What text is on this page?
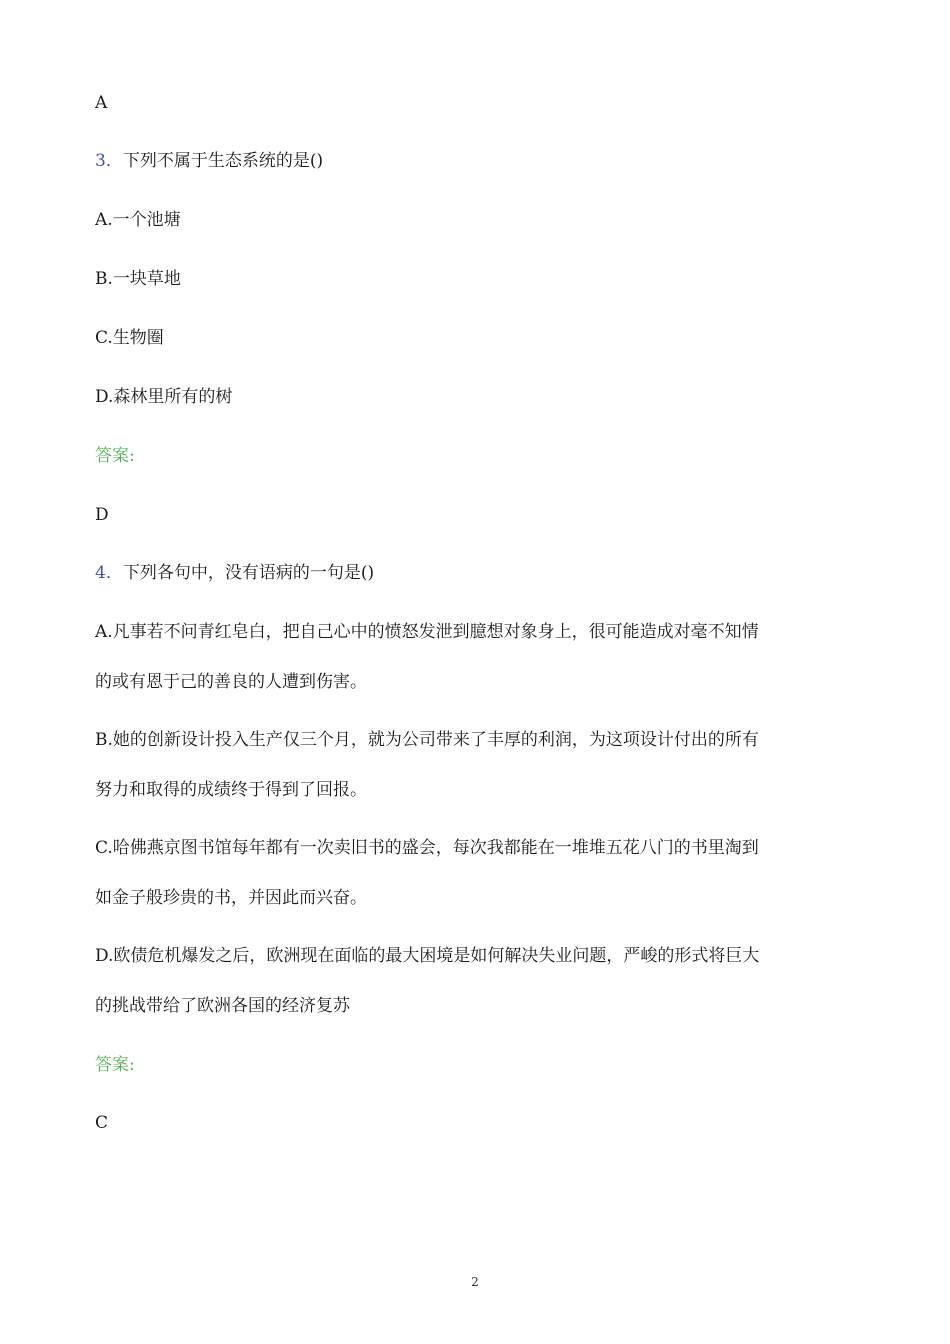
A
3．下列不属于生态系统的是()
A.一个池塘
B.一块草地
C.生物圈
D.森林里所有的树
答案:
D
4．下列各句中，没有语病的一句是()
A.凡事若不问青红皂白，把自己心中的愤怒发泄到臆想对象身上，很可能造成对毫不知情
的或有恩于己的善良的人遭到伤害。
B.她的创新设计投入生产仅三个月，就为公司带来了丰厚的利润，为这项设计付出的所有
努力和取得的成绩终于得到了回报。
C.哈佛燕京图书馆每年都有一次卖旧书的盛会，每次我都能在一堆堆五花八门的书里淘到
如金子般珍贵的书，并因此而兴奋。
D.欧债危机爆发之后，欧洲现在面临的最大困境是如何解决失业问题，严峻的形式将巨大
的挑战带给了欧洲各国的经济复苏
答案:
C
2
